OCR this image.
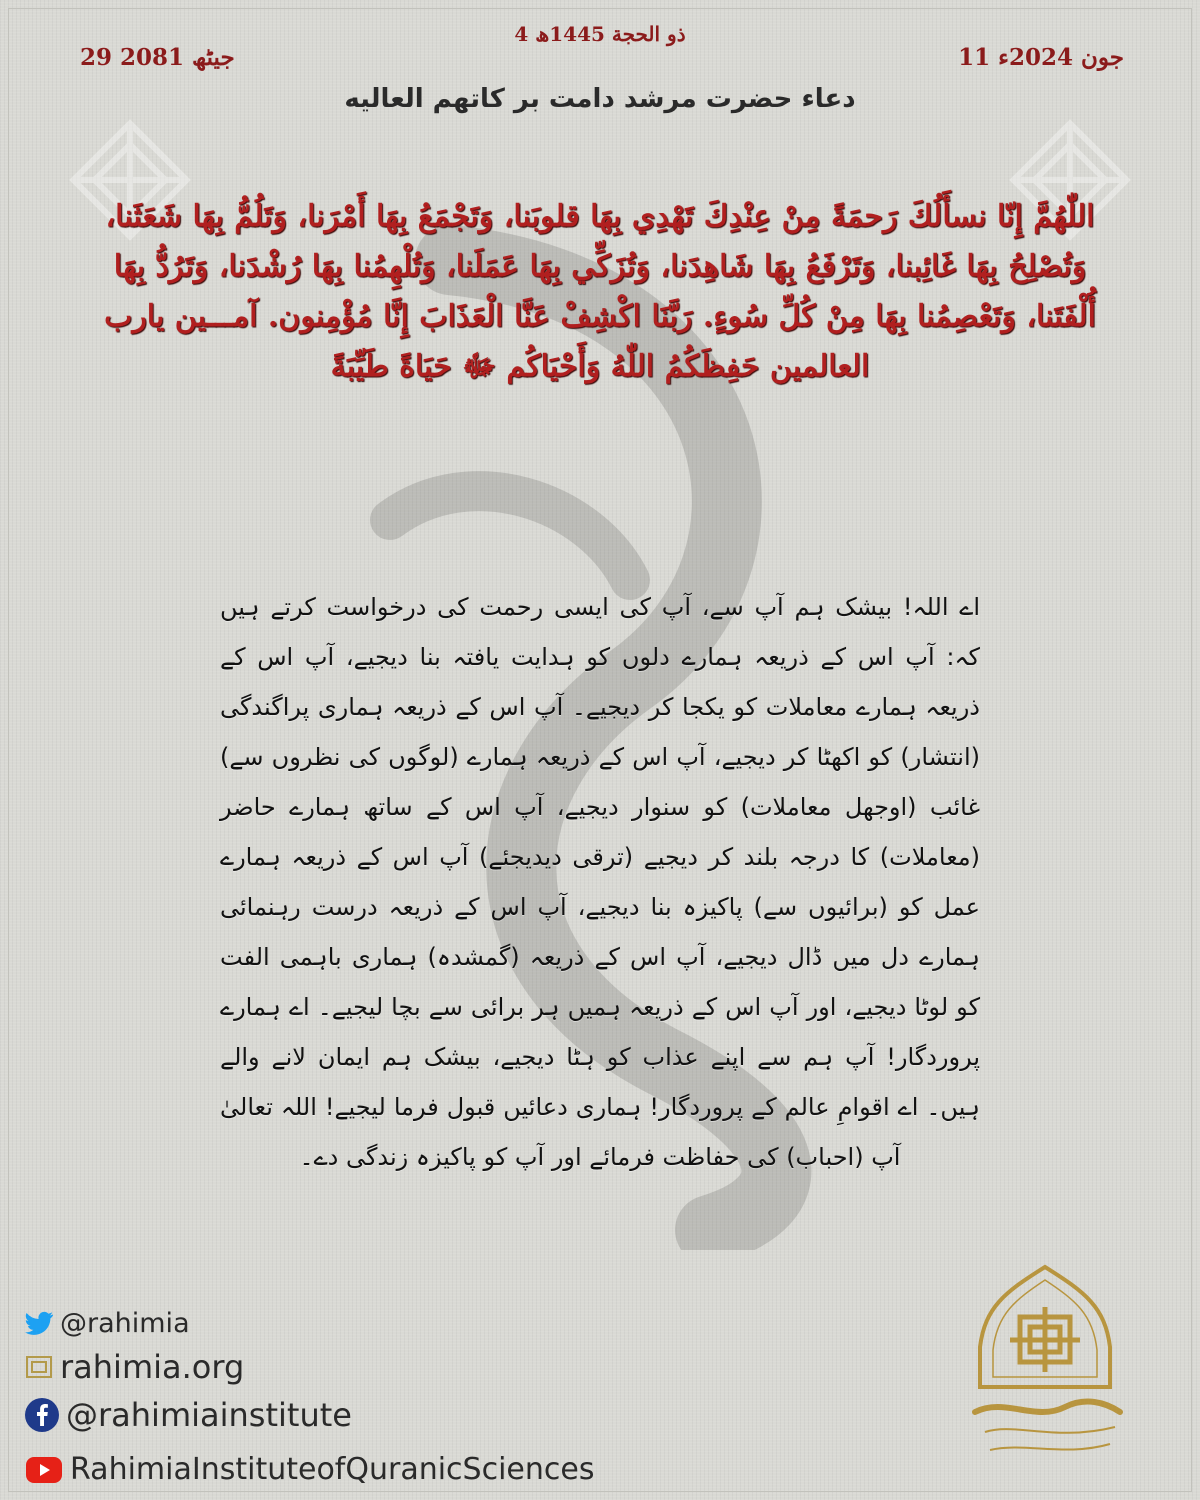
4 ذو الحجة 1445ھ
11 جون 2024ء
29 جیٹھ 2081
دعاء حضرت مرشد دامت بر کاتھم العالیه
اللّٰهُمَّ إِنّا نسأَلُكَ رَحمَةً مِنْ عِنْدِكَ تَهْدِي بِهَا قلوبَنا، وَتَجْمَعُ بِهَا أَمْرَنا، وَتَلُمُّ بِهَا شَعَثَنا، وَتُصْلِحُ بِهَا غَائِبنا، وَتَرْفَعُ بِهَا شَاهِدَنا، وَتُزَكِّي بِهَا عَمَلَنا، وَتُلْهِمُنا بِهَا رُشْدَنا، وَتَرُدُّ بِهَا أُلْفَتَنا، وَتَعْصِمُنا بِهَا مِنْ كُلِّ سُوءٍ. رَبَّنَا اكْشِفْ عَنَّا الْعَذَابَ إِنَّا مُؤْمِنون. آمـــين يارب العالمين حَفِظَكُمُ اللّٰهُ وَأَحْيَاكُم ﷻ حَيَاةً طَيِّبَةً
اے اللہ! بیشک ہم آپ سے، آپ کی ایسی رحمت کی درخواست کرتے ہیں کہ: آپ اس کے ذریعہ ہمارے دلوں کو ہدایت یافتہ بنا دیجیے، آپ اس کے ذریعہ ہمارے معاملات کو یکجا کر دیجیے۔ آپ اس کے ذریعہ ہماری پراگندگی (انتشار) کو اکھٹا کر دیجیے، آپ اس کے ذریعہ ہمارے (لوگوں کی نظروں سے) غائب (اوجھل معاملات) کو سنوار دیجیے، آپ اس کے ساتھ ہمارے حاضر (معاملات) کا درجہ بلند کر دیجیے (ترقی دیدیجئے) آپ اس کے ذریعہ ہمارے عمل کو (برائیوں سے) پاکیزہ بنا دیجیے، آپ اس کے ذریعہ درست رہنمائی ہمارے دل میں ڈال دیجیے، آپ اس کے ذریعہ (گمشدہ) ہماری باہمی الفت کو لوٹا دیجیے، اور آپ اس کے ذریعہ ہمیں ہر برائی سے بچا لیجیے۔ اے ہمارے پروردگار! آپ ہم سے اپنے عذاب کو ہٹا دیجیے، بیشک ہم ایمان لانے والے ہیں۔ اے اقوامِ عالم کے پروردگار! ہماری دعائیں قبول فرما لیجیے! اللہ تعالیٰ آپ (احباب) کی حفاظت فرمائے اور آپ کو پاکیزہ زندگی دے۔
@rahimia
rahimia.org
@rahimiainstitute
RahimiaInstituteofQuranicSciences
